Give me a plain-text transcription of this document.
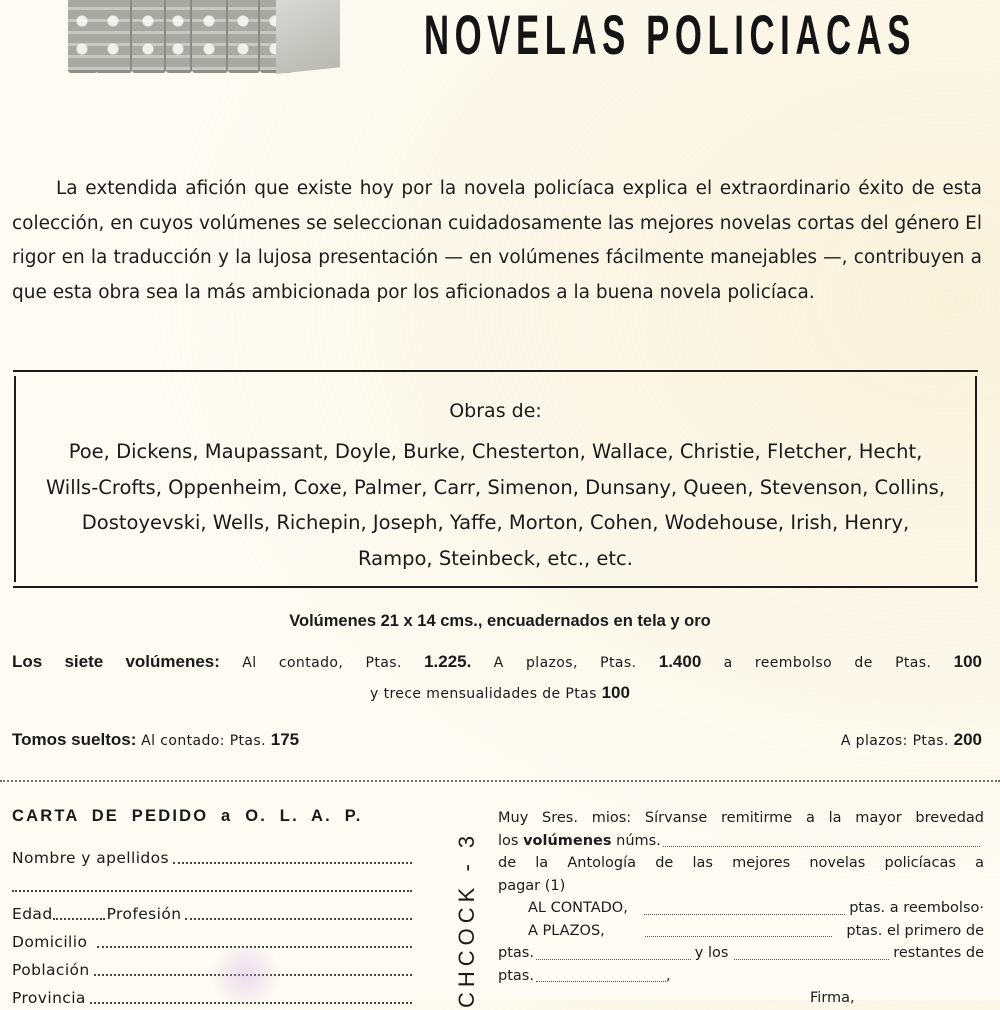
NOVELAS POLICIACAS
La extendida afición que existe hoy por la novela policíaca explica el extraordinario éxito de esta colección, en cuyos volúmenes se seleccionan cuidadosamente las mejores novelas cortas del género El rigor en la traducción y la lujosa presentación — en volúmenes fácilmente manejables —, contribuyen a que esta obra sea la más ambicionada por los aficionados a la buena novela policíaca.
Obras de:
Poe, Dickens, Maupassant, Doyle, Burke, Chesterton, Wallace, Christie, Fletcher, Hecht, Wills-Crofts, Oppenheim, Coxe, Palmer, Carr, Simenon, Dunsany, Queen, Stevenson, Collins, Dostoyevski, Wells, Richepin, Joseph, Yaffe, Morton, Cohen, Wodehouse, Irish, Henry, Rampo, Steinbeck, etc., etc.
Volúmenes 21 x 14 cms., encuadernados en tela y oro
Los siete volúmenes: Al contado, Ptas. 1.225. A plazos, Ptas. 1.400 a reembolso de Ptas. 100
y trece mensualidades de Ptas 100
Tomos sueltos: Al contado: Ptas. 175	A plazos: Ptas. 200
CARTA DE PEDIDO a O. L. A. P.
Nombre y apellidos
Edad	Profesión
Domicilio
Población
Provincia	CHCOCK - 3
Muy Sres. mios: Sírvanse remitirme a la mayor brevedad
los
volúmenes
núms.
de la Antología de las mejores novelas policíacas a
pagar (1)
AL CONTADO,	ptas. a reembolso·
A PLAZOS,	ptas. el primero de
ptas.	y los	restantes de
ptas.	,
Firma,
